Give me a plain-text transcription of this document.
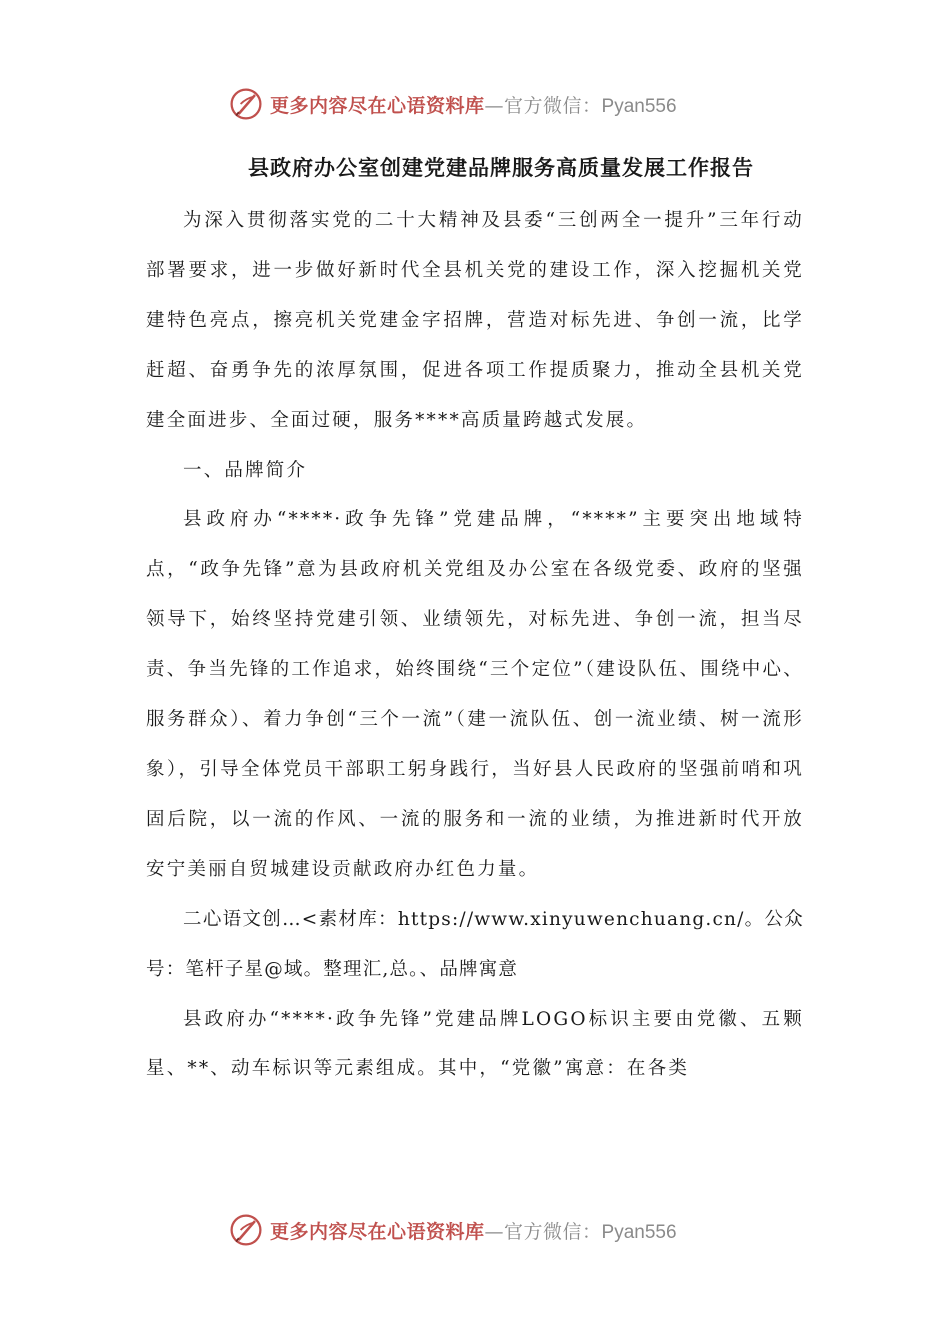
更多内容尽在心语资料库—官方微信：Pyan556
县政府办公室创建党建品牌服务高质量发展工作报告

为深入贯彻落实党的二十大精神及县委“三创两全一提升”三年行动部署要求，进一步做好新时代全县机关党的建设工作，深入挖掘机关党建特色亮点，擦亮机关党建金字招牌，营造对标先进、争创一流，比学赶超、奋勇争先的浓厚氛围，促进各项工作提质聚力，推动全县机关党建全面进步、全面过硬，服务****高质量跨越式发展。

一、品牌简介

县政府办“****·政争先锋”党建品牌，“****”主要突出地域特点，“政争先锋”意为县政府机关党组及办公室在各级党委、政府的坚强领导下，始终坚持党建引领、业绩领先，对标先进、争创一流，担当尽责、争当先锋的工作追求，始终围绕“三个定位”（建设队伍、围绕中心、服务群众）、着力争创“三个一流”（建一流队伍、创一流业绩、树一流形象），引导全体党员干部职工躬身践行，当好县人民政府的坚强前哨和巩固后院，以一流的作风、一流的服务和一流的业绩，为推进新时代开放安宁美丽自贸城建设贡献政府办红色力量。

二心语文创…<素材库：https://www.xinyuwenchuang.cn/。公众号：笔杆子星@域。整理汇,总。、品牌寓意

县政府办“****·政争先锋”党建品牌LOGO标识主要由党徽、五颗星、**、动车标识等元素组成。其中，“党徽”寓意：在各类

更多内容尽在心语资料库—官方微信：Pyan556
